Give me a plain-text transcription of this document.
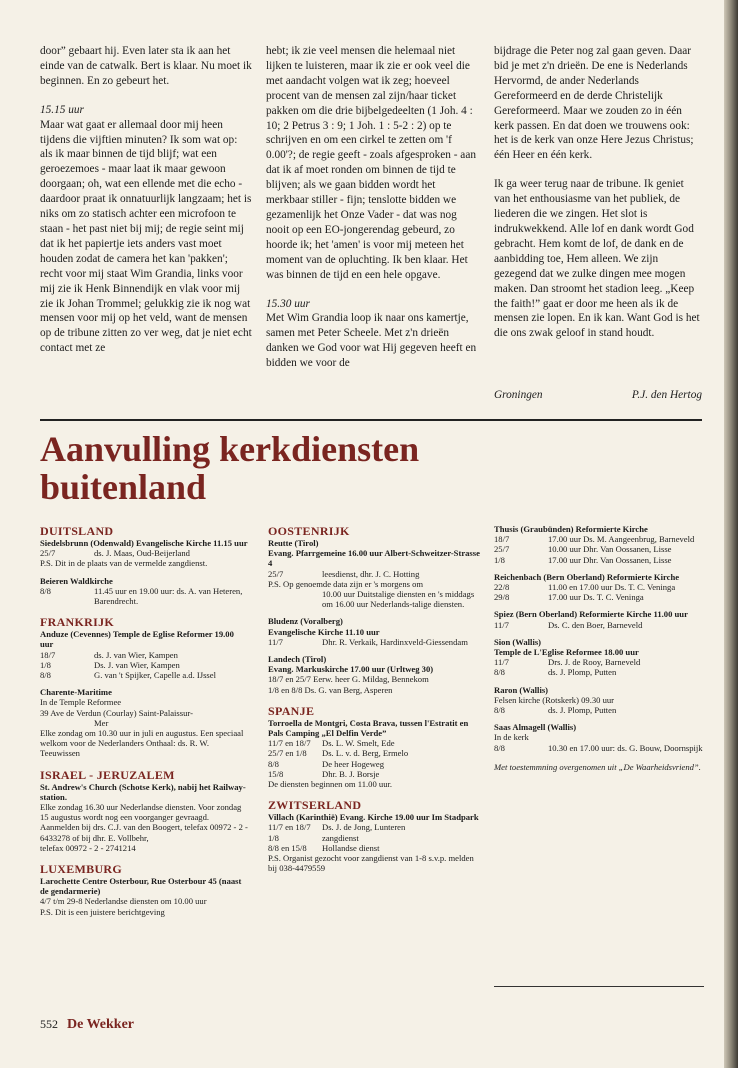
door” gebaart hij. Even later sta ik aan het einde van de catwalk. Bert is klaar. Nu moet ik beginnen. En zo gebeurt het.

15.15 uur

Maar wat gaat er allemaal door mij heen tijdens die vijftien minuten? Ik som wat op: als ik maar binnen de tijd blijf; wat een geroezemoes - maar laat ik maar gewoon doorgaan; oh, wat een ellende met die echo - daardoor praat ik onnatuurlijk langzaam; het is niks om zo statisch achter een microfoon te staan - het past niet bij mij; de regie seint mij dat ik het papiertje iets anders vast moet houden zodat de camera het kan 'pakken'; recht voor mij staat Wim Grandia, links voor mij zie ik Henk Binnendijk en vlak voor mij zie ik Johan Trommel; gelukkig zie ik nog wat mensen voor mij op het veld, want de mensen op de tribune zitten zo ver weg, dat je niet echt contact met ze

hebt; ik zie veel mensen die helemaal niet lijken te luisteren, maar ik zie er ook veel die met aandacht volgen wat ik zeg; hoeveel procent van de mensen zal zijn/haar ticket pakken om die drie bijbelgedeelten (1 Joh. 4 : 10; 2 Petrus 3 : 9; 1 Joh. 1 : 5-2 : 2) op te schrijven en om een cirkel te zetten om 'f 0.00'?; de regie geeft - zoals afgesproken - aan dat ik af moet ronden om binnen de tijd te blijven; als we gaan bidden wordt het merkbaar stiller - fijn; tenslotte bidden we gezamenlijk het Onze Vader - dat was nog nooit op een EO-jongerendag gebeurd, zo hoorde ik; het 'amen' is voor mij meteen het moment van de opluchting. Ik ben klaar. Het was binnen de tijd en een hele opgave.

15.30 uur

Met Wim Grandia loop ik naar ons kamertje, samen met Peter Scheele. Met z'n drieën danken we God voor wat Hij gegeven heeft en bidden we voor de

bijdrage die Peter nog zal gaan geven. Daar bid je met z'n drieën. De ene is Nederlands Hervormd, de ander Nederlands Gereformeerd en de derde Christelijk Gereformeerd. Maar we zouden zo in één kerk passen. En dat doen we trouwens ook: het is de kerk van onze Here Jezus Christus; één Heer en één kerk.

Ik ga weer terug naar de tribune. Ik geniet van het enthousiasme van het publiek, de liederen die we zingen. Het slot is indrukwekkend. Alle lof en dank wordt God gebracht. Hem komt de lof, de dank en de aanbidding toe, Hem alleen. We zijn gezegend dat we zulke dingen mee mogen maken. Dan stroomt het stadion leeg. „Keep the faith!” gaat er door me heen als ik de mensen zie lopen. En ik kan. Want God is het die ons zwak geloof in stand houdt.

Groningen	P.J. den Hertog
Aanvulling kerkdiensten
buitenland
DUITSLAND
Siedelsbrunn (Odenwald) Evangelische Kirche 11.15 uur
25/7	ds. J. Maas, Oud-Beijerland
P.S. Dit in de plaats van de vermelde zangdienst.
Beieren Waldkirche
8/8	11.45 uur en 19.00 uur: ds. A. van Heteren, Barendrecht.
FRANKRIJK
Anduze (Cevennes) Temple de Eglise Reformer 19.00 uur
18/7	ds. J. van Wier, Kampen
1/8	Ds. J. van Wier, Kampen
8/8	G. van 't Spijker, Capelle a.d. IJssel
Charente-Maritime
In de Temple Reformee
39 Ave de Verdun (Courlay) Saint-Palaissur-
Mer
Elke zondag om 10.30 uur in juli en augustus. Een speciaal welkom voor de Nederlanders Onthaal: ds. R. W. Teeuwissen
ISRAEL - JERUZALEM
St. Andrew's Church (Schotse Kerk), nabij het Railway-station.
Elke zondag 16.30 uur Nederlandse diensten. Voor zondag 15 augustus wordt nog een voorganger gevraagd.
Aanmelden bij drs. C.J. van den Boogert, telefax 00972 - 2 - 6433278 of bij dhr. E. Vollbehr,
telefax 00972 - 2 - 2741214
LUXEMBURG
Larochette Centre Osterbour, Rue Osterbour 45 (naast de gendarmerie)
4/7 t/m 29-8 Nederlandse diensten om 10.00 uur
P.S. Dit is een juistere berichtgeving
OOSTENRIJK
Reutte (Tirol)
Evang. Pfarrgemeine 16.00 uur Albert-Schweitzer-Strasse 4
25/7	leesdienst, dhr. J. C. Hotting
P.S. Op genoemde data zijn er 's morgens om
10.00 uur Duitstalige diensten en 's middags om 16.00 uur Nederlands-talige diensten.
Bludenz (Voralberg)
Evangelische Kirche 11.10 uur
11/7	Dhr. R. Verkaik, Hardinxveld-Giessendam
Landech (Tirol)
Evang. Markuskirche 17.00 uur (Urltweg 30)
18/7 en 25/7 Eerw. heer G. Mildag, Bennekom
1/8 en 8/8 Ds. G. van Berg, Asperen
SPANJE
Torroella de Montgri, Costa Brava, tussen l'Estratit en Pals Camping „El Delfin Verde”
11/7 en 18/7	Ds. L. W. Smelt, Ede
25/7 en 1/8	Ds. L. v. d. Berg, Ermelo
8/8	De heer Hogeweg
15/8	Dhr. B. J. Borsje
De diensten beginnen om 11.00 uur.
ZWITSERLAND
Villach (Karinthië) Evang. Kirche 19.00 uur Im Stadpark
11/7 en 18/7	Ds. J. de Jong, Lunteren
1/8	zangdienst
8/8 en 15/8	Hollandse dienst
P.S. Organist gezocht voor zangdienst van 1-8 s.v.p. melden bij 038-4479559
Thusis (Graubünden) Reformierte Kirche
18/7	17.00 uur Ds. M. Aangeenbrug, Barneveld
25/7	10.00 uur Dhr. Van Oossanen, Lisse
1/8	17.00 uur Dhr. Van Oossanen, Lisse
Reichenbach (Bern Oberland) Reformierte Kirche
22/8	11.00 en 17.00 uur Ds. T. C. Veninga
29/8	17.00 uur Ds. T. C. Veninga
Spiez (Bern Oberland) Reformierte Kirche 11.00 uur
11/7	Ds. C. den Boer, Barneveld
Sion (Wallis)
Temple de L'Eglise Reformee 18.00 uur
11/7	Drs. J. de Rooy, Barneveld
8/8	ds. J. Plomp, Putten
Raron (Wallis)
Felsen kirche (Rotskerk) 09.30 uur
8/8	ds. J. Plomp, Putten
Saas Almagell (Wallis)
In de kerk
8/8	10.30 en 17.00 uur: ds. G. Bouw, Doornspijk
Met toestemmning overgenomen uit „De Waarheidsvriend”.
552 De Wekker
